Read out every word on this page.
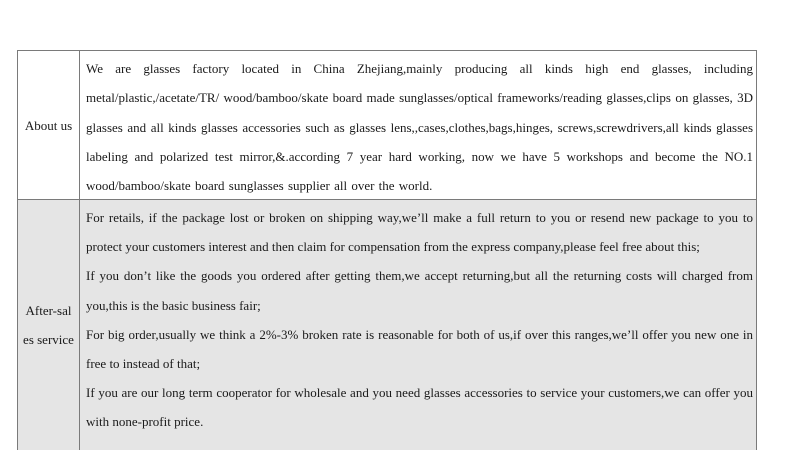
About us

We are glasses factory located in China Zhejiang,mainly producing all kinds high end glasses, including metal/plastic,/acetate/TR/ wood/bamboo/skate board made sunglasses/optical frameworks/reading glasses,clips on glasses, 3D glasses and all kinds glasses accessories such as glasses lens,,cases,clothes,bags,hinges, screws,screwdrivers,all kinds glasses labeling and polarized test mirror,&.according 7 year hard working, now we have 5 workshops and become the NO.1 wood/bamboo/skate board sunglasses supplier all over the world.

After-sal
es service

For retails, if the package lost or broken on shipping way,we’ll make a full return to you or resend new package to you to protect your customers interest and then claim for compensation from the express company,please feel free about this;

If you don’t like the goods you ordered after getting them,we accept returning,but all the returning costs will charged from you,this is the basic business fair;

For big order,usually we think a 2%-3% broken rate is reasonable for both of us,if over this ranges,we’ll offer you new one in free to instead of that;

If you are our long term cooperator for wholesale and you need glasses accessories to service your customers,we can offer you with none-profit price.
